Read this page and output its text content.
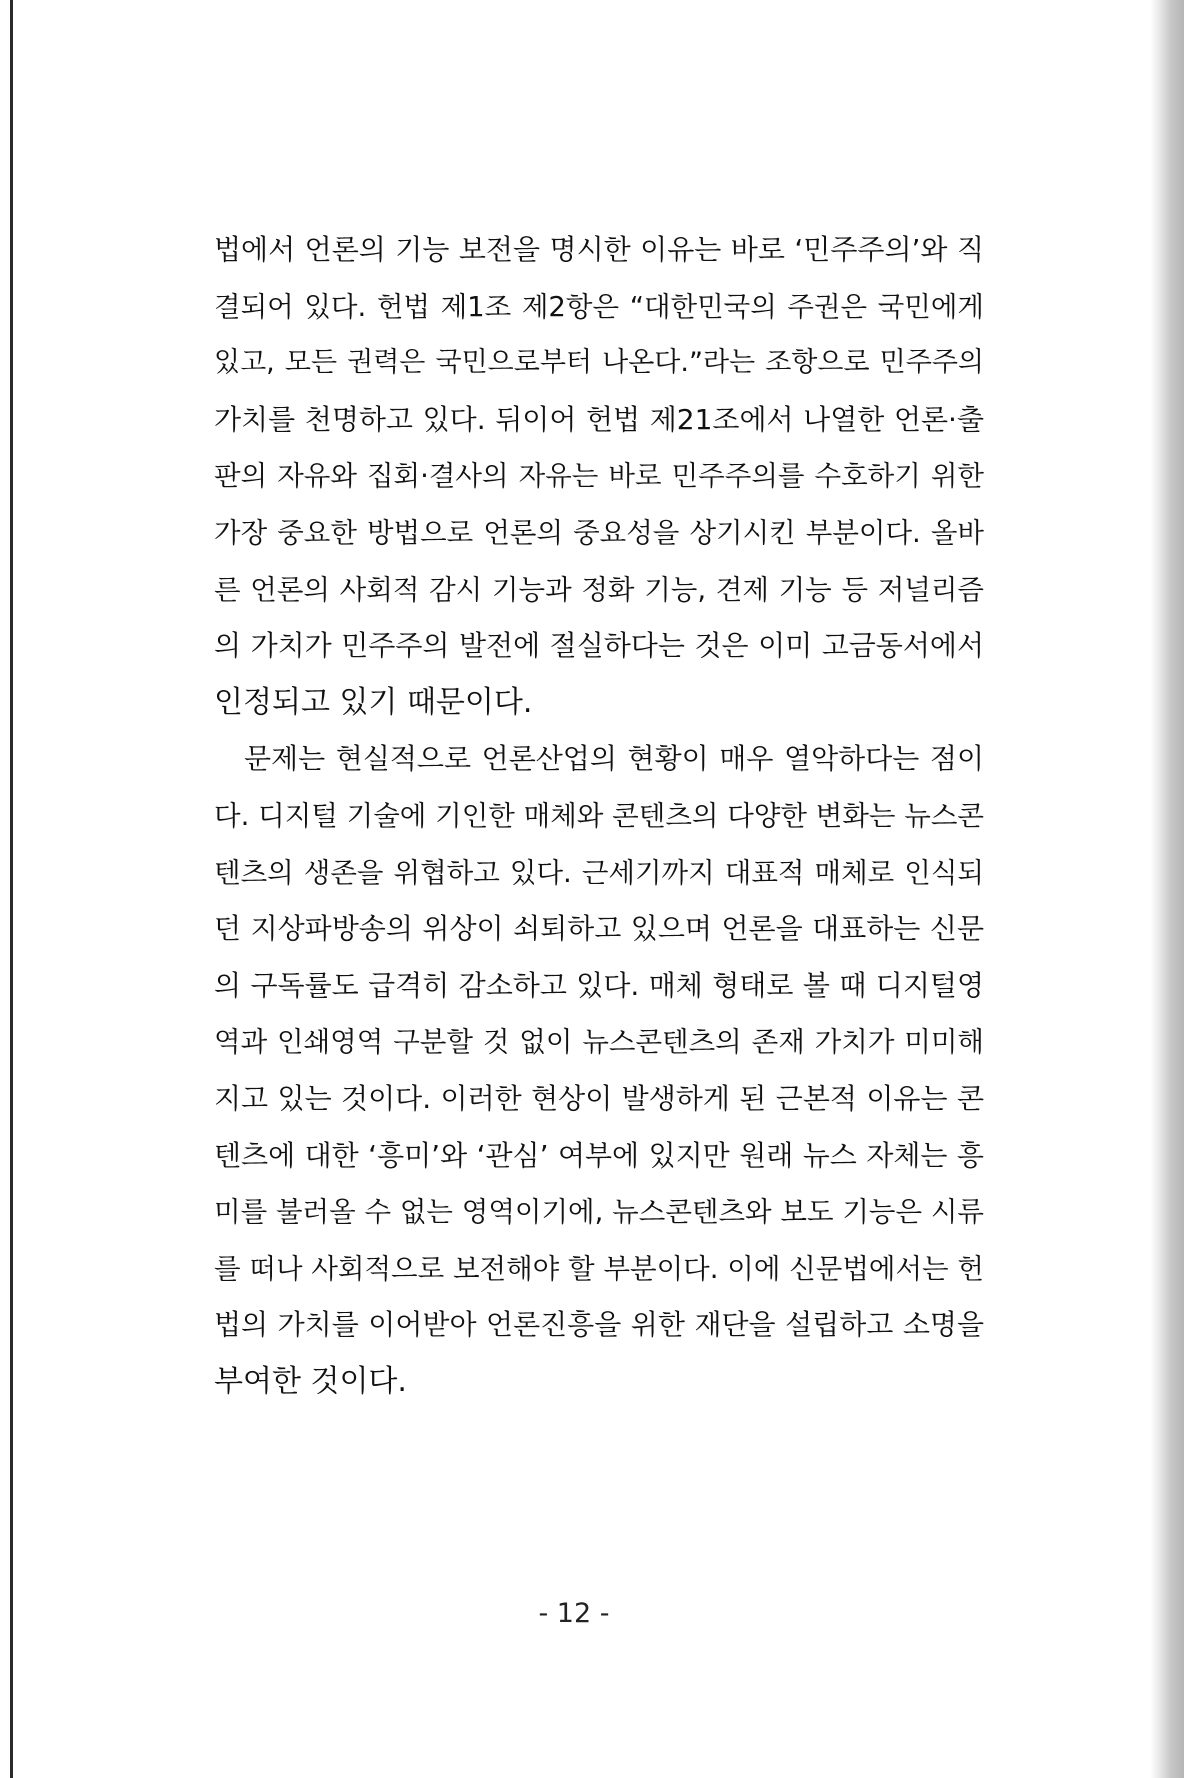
법에서 언론의 기능 보전을 명시한 이유는 바로 ‘민주주의’와 직
결되어 있다. 헌법 제1조 제2항은 “대한민국의 주권은 국민에게
있고, 모든 권력은 국민으로부터 나온다.”라는 조항으로 민주주의
가치를 천명하고 있다. 뒤이어 헌법 제21조에서 나열한 언론·출
판의 자유와 집회·결사의 자유는 바로 민주주의를 수호하기 위한
가장 중요한 방법으로 언론의 중요성을 상기시킨 부분이다. 올바
른 언론의 사회적 감시 기능과 정화 기능, 견제 기능 등 저널리즘
의 가치가 민주주의 발전에 절실하다는 것은 이미 고금동서에서
인정되고 있기 때문이다.
문제는 현실적으로 언론산업의 현황이 매우 열악하다는 점이
다. 디지털 기술에 기인한 매체와 콘텐츠의 다양한 변화는 뉴스콘
텐츠의 생존을 위협하고 있다. 근세기까지 대표적 매체로 인식되
던 지상파방송의 위상이 쇠퇴하고 있으며 언론을 대표하는 신문
의 구독률도 급격히 감소하고 있다. 매체 형태로 볼 때 디지털영
역과 인쇄영역 구분할 것 없이 뉴스콘텐츠의 존재 가치가 미미해
지고 있는 것이다. 이러한 현상이 발생하게 된 근본적 이유는 콘
텐츠에 대한 ‘흥미’와 ‘관심’ 여부에 있지만 원래 뉴스 자체는 흥
미를 불러올 수 없는 영역이기에, 뉴스콘텐츠와 보도 기능은 시류
를 떠나 사회적으로 보전해야 할 부분이다. 이에 신문법에서는 헌
법의 가치를 이어받아 언론진흥을 위한 재단을 설립하고 소명을
부여한 것이다.
- 12 -
